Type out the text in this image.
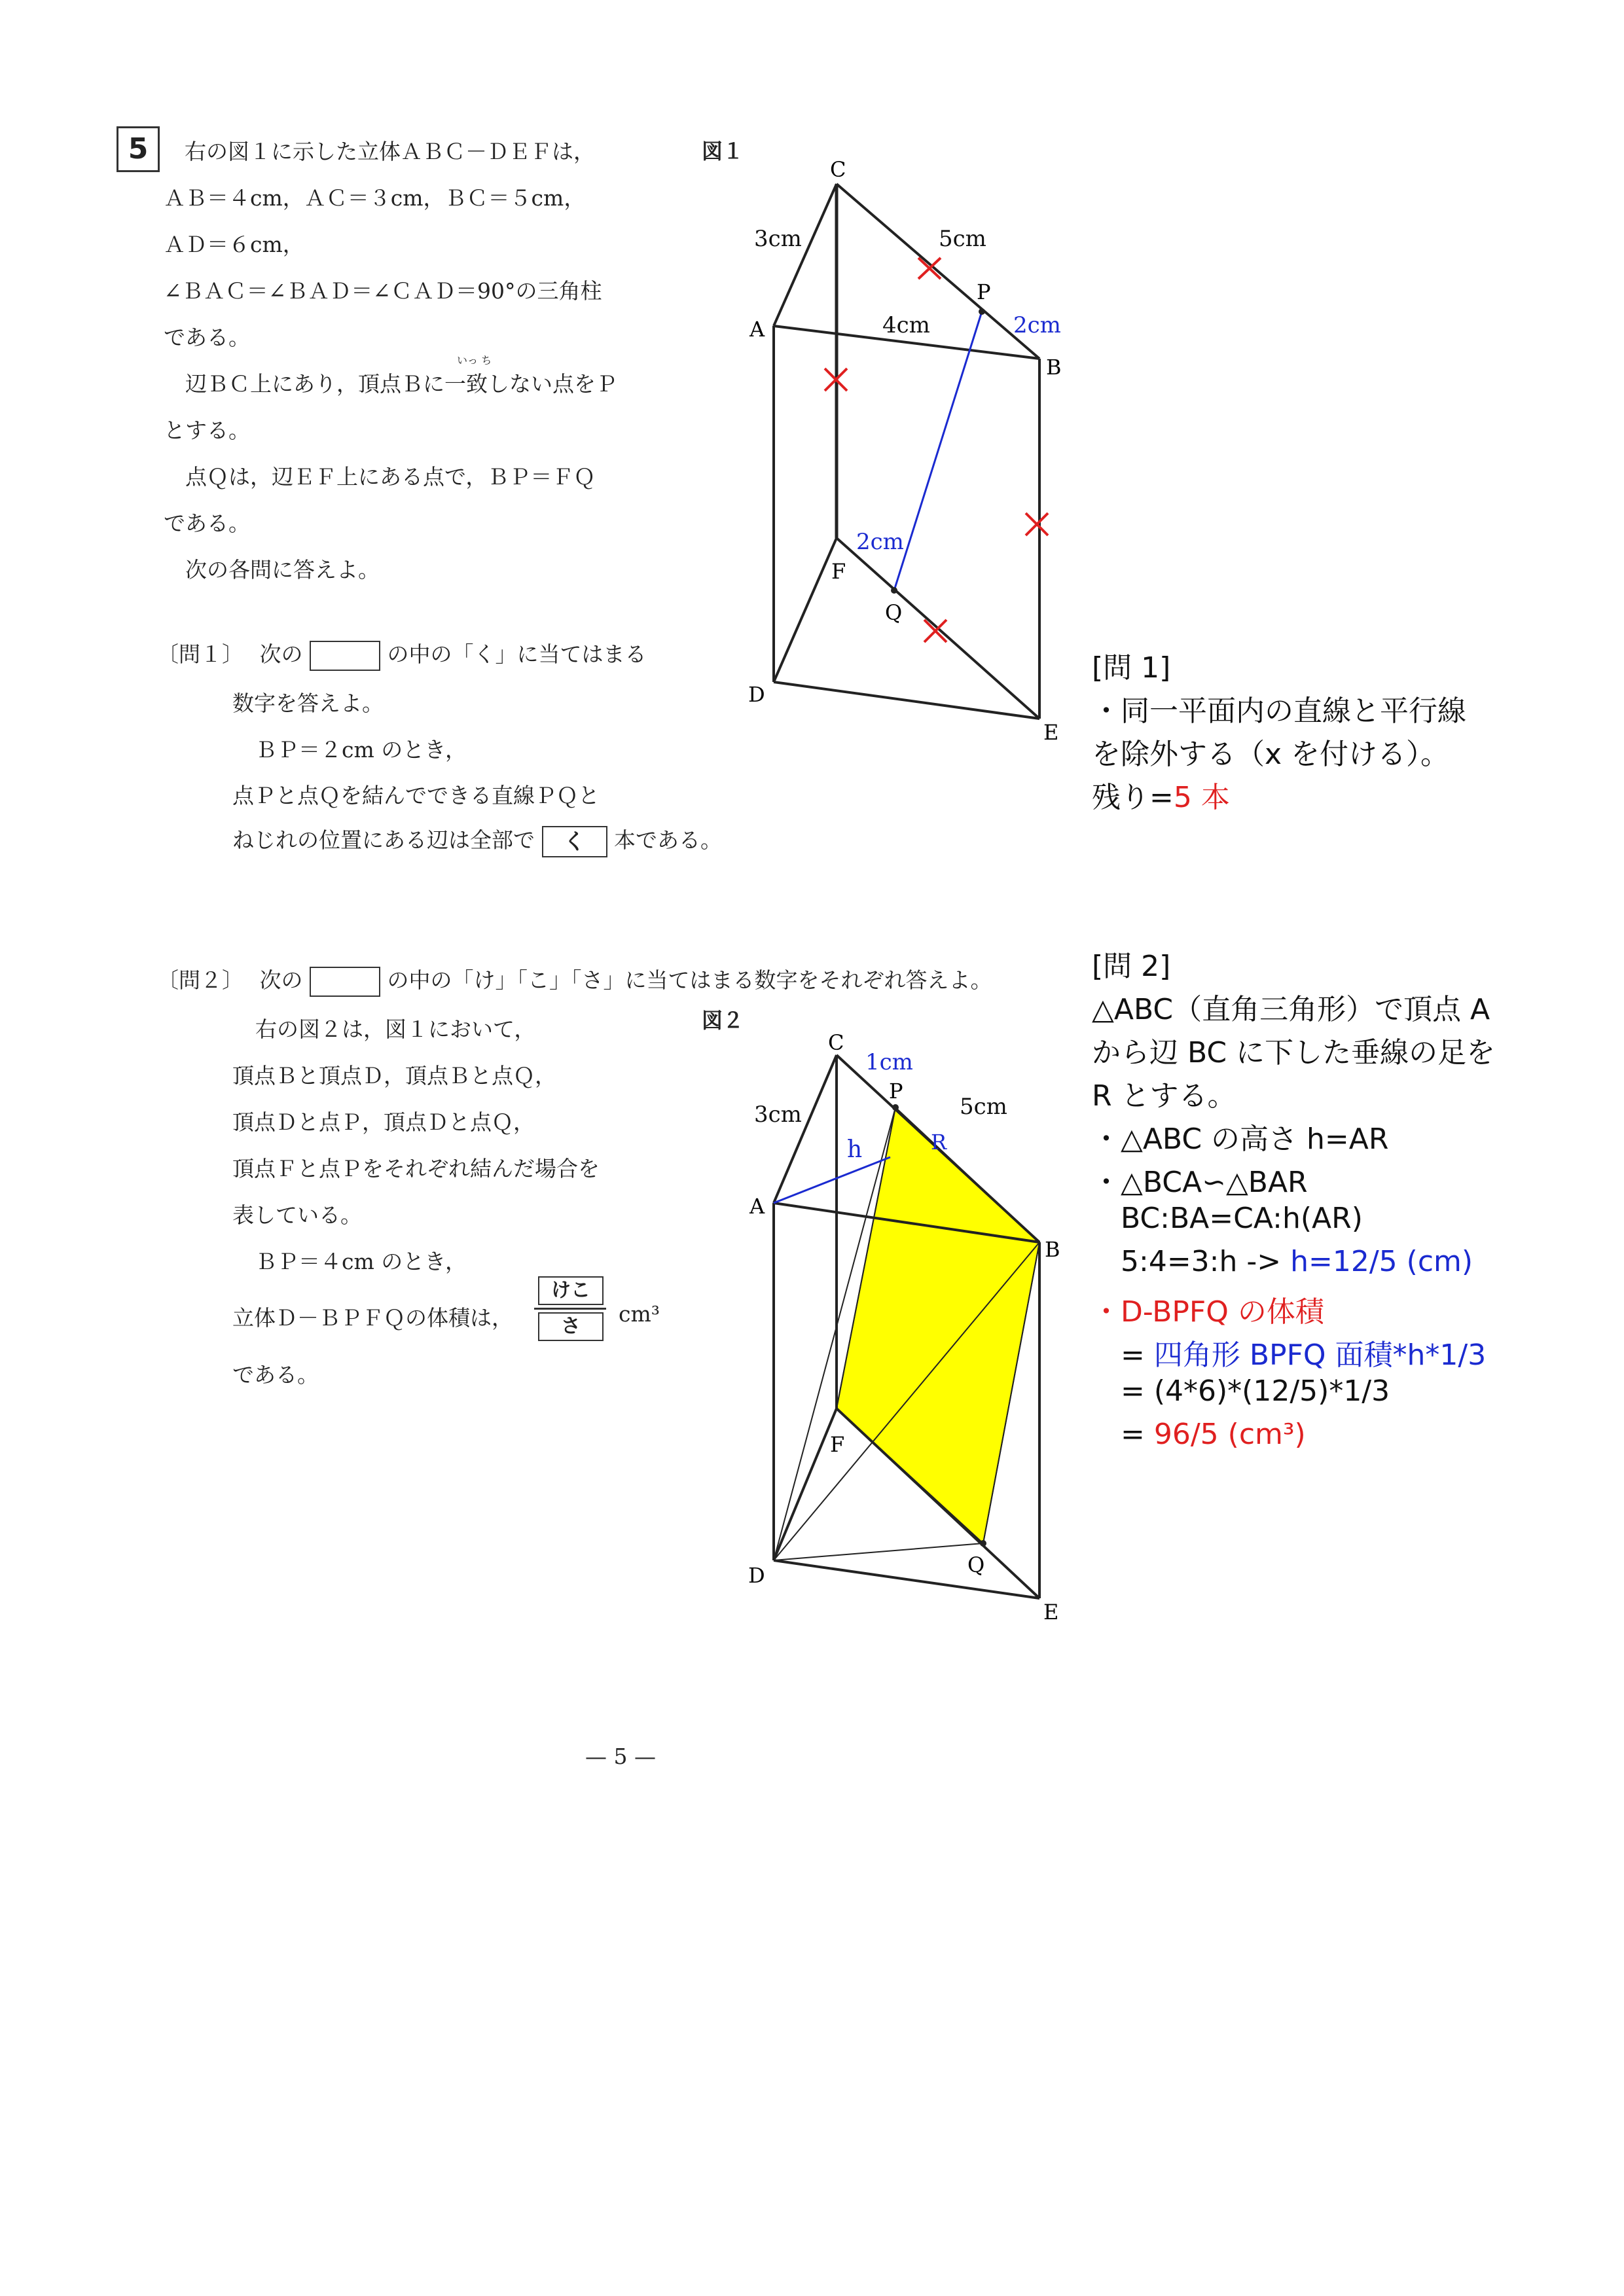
5	右の図１に示した立体ＡＢＣ－ＤＥＦは，
ＡＢ＝４cm，ＡＣ＝３cm，ＢＣ＝５cm，
ＡＤ＝６cm，
∠ＢＡＣ＝∠ＢＡＤ＝∠ＣＡＤ＝90°の三角柱
である。
いっ ち
　辺ＢＣ上にあり，頂点Ｂに一致しない点をＰ
とする。
　点Ｑは，辺ＥＦ上にある点で，ＢＰ＝ＦＱ
である。
　次の各問に答えよ。
〔問１〕 次の	の中の「く」に当てはまる
数字を答えよ。
ＢＰ＝２cm のとき，
点Ｐと点Ｑを結んでできる直線ＰＱと
ねじれの位置にある辺は全部で く 本である。
〔問２〕 次の	の中の「け」「こ」「さ」に当てはまる数字をそれぞれ答えよ。
右の図２は，図１において，
頂点Ｂと頂点Ｄ，頂点Ｂと点Ｑ，
頂点Ｄと点Ｐ，頂点Ｄと点Ｑ，
頂点Ｆと点Ｐをそれぞれ結んだ場合を
表している。
ＢＰ＝４cm のとき，
立体Ｄ－ＢＰＦＱの体積は，
けこ
さ	cm³
である。
図１
図２
C
A
B
P
F
Q
D
E
3cm	5cm
4cm	2cm
2cm
C
P
A
B
F
Q
D
E
R
1cm
3cm	5cm
h
[問 1]
・同一平面内の直線と平行線
を除外する（x を付ける）。
残り=5 本
[問 2]
△ABC（直角三角形）で頂点 A
から辺 BC に下した垂線の足を
R とする。
・△ABC の高さ h=AR
・△BCA∽△BAR
BC:BA=CA:h(AR)
5:4=3:h -> h=12/5 (cm)
・D-BPFQ の体積
= 四角形 BPFQ 面積*h*1/3
= (4*6)*(12/5)*1/3
= 96/5 (cm³)
— 5 —
